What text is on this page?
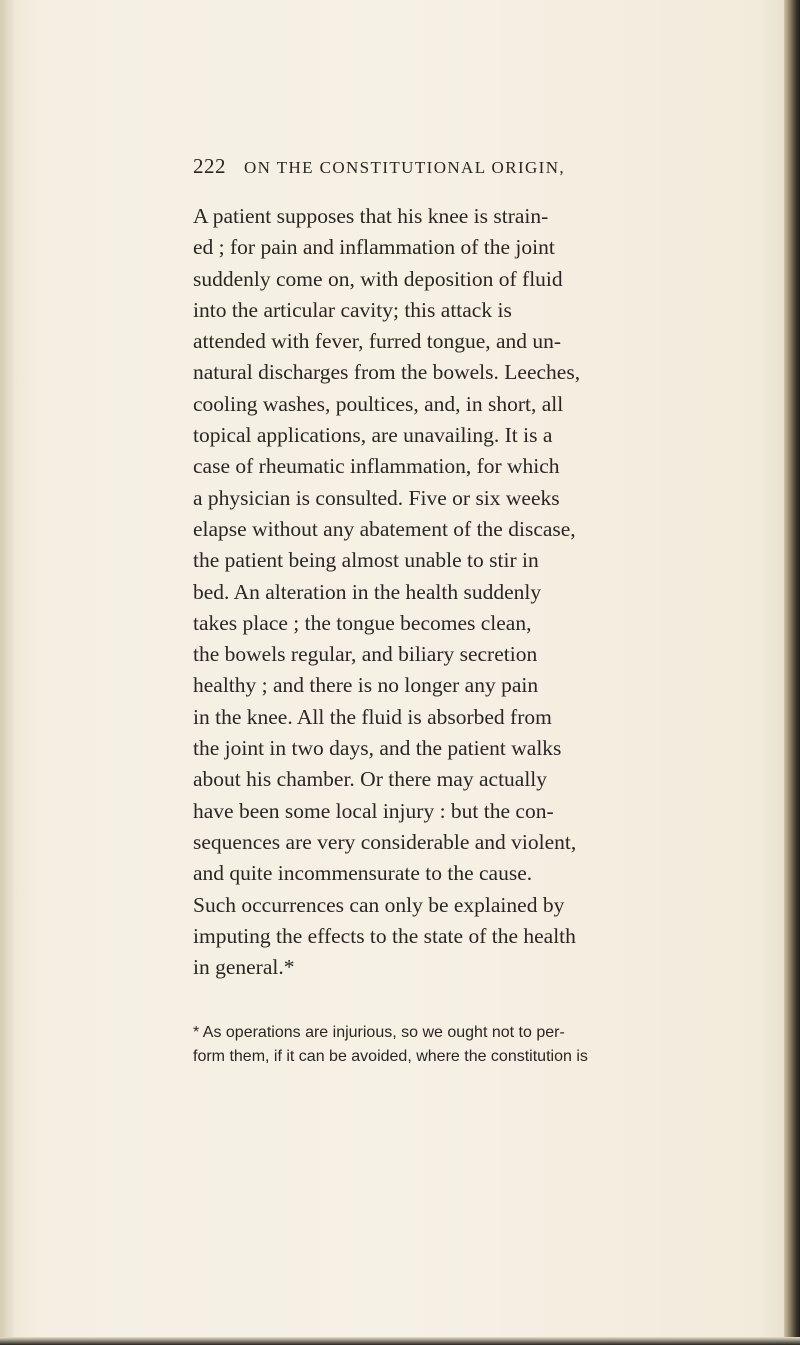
222 ON THE CONSTITUTIONAL ORIGIN,
A patient supposes that his knee is strain-
ed ; for pain and inflammation of the joint
suddenly come on, with deposition of fluid
into the articular cavity; this attack is
attended with fever, furred tongue, and un-
natural discharges from the bowels. Leeches,
cooling washes, poultices, and, in short, all
topical applications, are unavailing. It is a
case of rheumatic inflammation, for which
a physician is consulted. Five or six weeks
elapse without any abatement of the discase,
the patient being almost unable to stir in
bed. An alteration in the health suddenly
takes place ; the tongue becomes clean,
the bowels regular, and biliary secretion
healthy ; and there is no longer any pain
in the knee. All the fluid is absorbed from
the joint in two days, and the patient walks
about his chamber. Or there may actually
have been some local injury : but the con-
sequences are very considerable and violent,
and quite incommensurate to the cause.
Such occurrences can only be explained by
imputing the effects to the state of the health
in general.*
* As operations are injurious, so we ought not to per-
form them, if it can be avoided, where the constitution is
